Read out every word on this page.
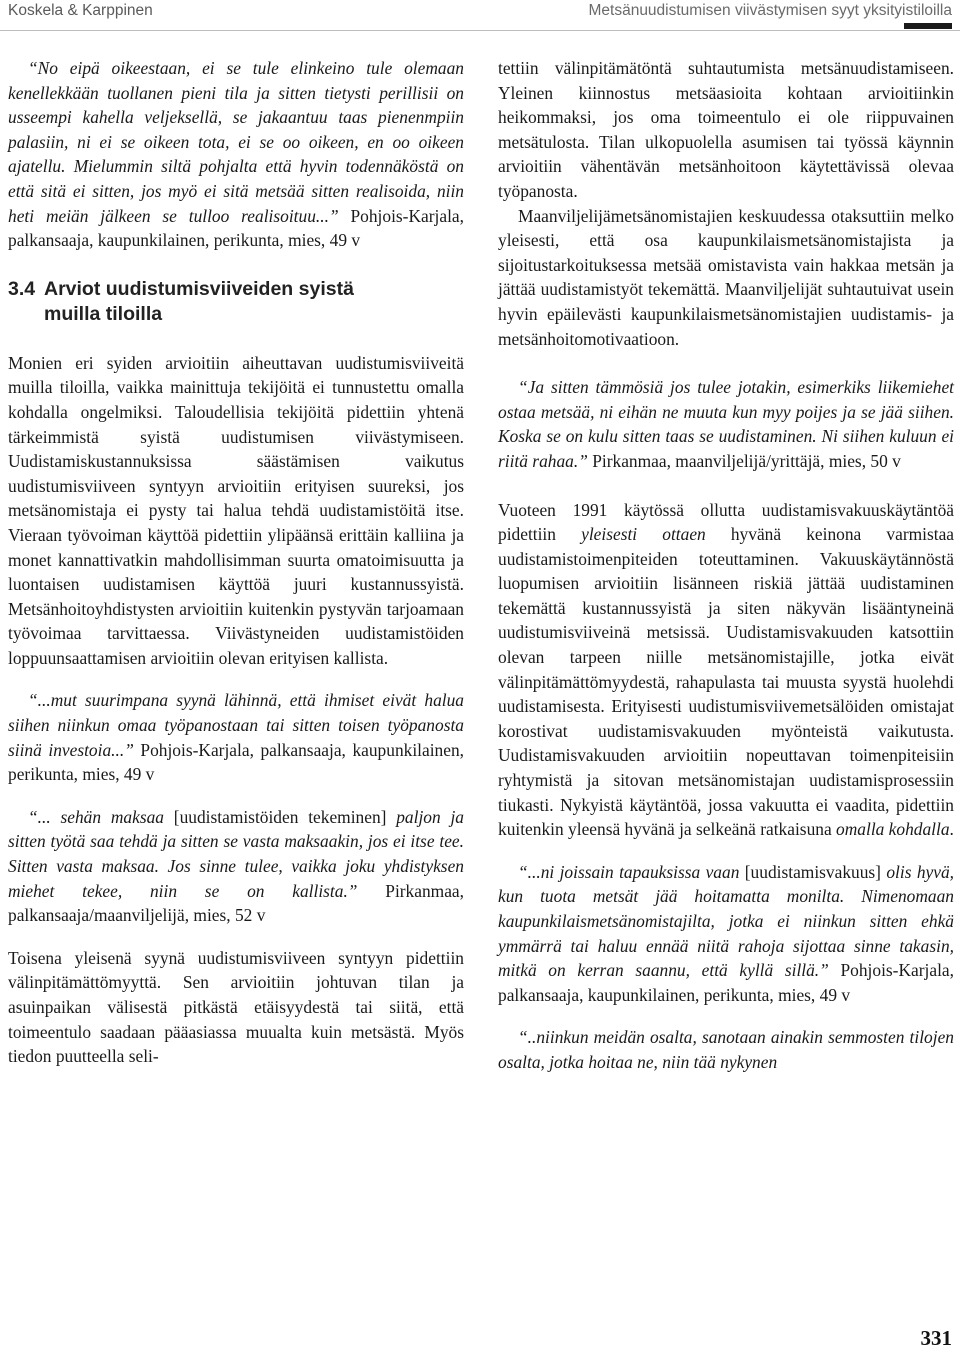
Koskela & Karppinen	Metsänuudistumisen viivästymisen syyt yksityistiloilla

“No eipä oikeestaan, ei se tule elinkeino tule olemaan kenellekkään tuollanen pieni tila ja sitten tietysti perillisii on usseempi kahella veljeksellä, se jakaantuu taas pienenmpiin palasiin, ni ei se oikeen tota, ei se oo oikeen, en oo oikeen ajatellu. Mielummin siltä pohjalta että hyvin todennäköstä on että sitä ei sitten, jos myö ei sitä metsää sitten realisoida, niin heti meiän jälkeen se tulloo realisoituu...” Pohjois-Karjala, palkansaaja, kaupunkilainen, perikunta, mies, 49 v

3.4 Arviot uudistumisviiveiden syistä
muilla tiloilla

Monien eri syiden arvioitiin aiheuttavan uudistumisviiveitä muilla tiloilla, vaikka mainittuja tekijöitä ei tunnustettu omalla kohdalla ongelmiksi. Taloudellisia tekijöitä pidettiin yhtenä tärkeimmistä syistä uudistumisen viivästymiseen. Uudistamiskustannuksissa säästämisen vaikutus uudistumisviiveen syntyyn arvioitiin erityisen suureksi, jos metsänomistaja ei pysty tai halua tehdä uudistamistöitä itse. Vieraan työvoiman käyttöä pidettiin ylipäänsä erittäin kalliina ja monet kannattivatkin mahdollisimman suurta omatoimisuutta ja luontaisen uudistamisen käyttöä juuri kustannussyistä. Metsänhoitoyhdistysten arvioitiin kuitenkin pystyvän tarjoamaan työvoimaa tarvittaessa. Viivästyneiden uudistamistöiden loppuunsaattamisen arvioitiin olevan erityisen kallista.

“...mut suurimpana syynä lähinnä, että ihmiset eivät halua siihen niinkun omaa työpanostaan tai sitten toisen työpanosta siinä investoia...” Pohjois-Karjala, palkansaaja, kaupunkilainen, perikunta, mies, 49 v

“... sehän maksaa [uudistamistöiden tekeminen] paljon ja sitten työtä saa tehdä ja sitten se vasta maksaakin, jos ei itse tee. Sitten vasta maksaa. Jos sinne tulee, vaikka joku yhdistyksen miehet tekee, niin se on kallista.” Pirkanmaa, palkansaaja/maanviljelijä, mies, 52 v

Toisena yleisenä syynä uudistumisviiveen syntyyn pidettiin välinpitämättömyyttä. Sen arvioitiin johtuvan tilan ja asuinpaikan välisestä pitkästä etäisyydestä tai siitä, että toimeentulo saadaan pääasiassa muualta kuin metsästä. Myös tiedon puutteella seli-

tettiin välinpitämätöntä suhtautumista metsänuudistamiseen. Yleinen kiinnostus metsäasioita kohtaan arvioitiinkin heikommaksi, jos oma toimeentulo ei ole riippuvainen metsätulosta. Tilan ulkopuolella asumisen tai työssä käynnin arvioitiin vähentävän metsänhoitoon käytettävissä olevaa työpanosta.

Maanviljelijämetsänomistajien keskuudessa otaksuttiin melko yleisesti, että osa kaupunkilaismetsänomistajista ja sijoitustarkoituksessa metsää omistavista vain hakkaa metsän ja jättää uudistamistyöt tekemättä. Maanviljelijät suhtautuivat usein hyvin epäilevästi kaupunkilaismetsänomistajien uudistamis- ja metsänhoitomotivaatioon.

“Ja sitten tämmösiä jos tulee jotakin, esimerkiks liikemiehet ostaa metsää, ni eihän ne muuta kun myy poijes ja se jää siihen. Koska se on kulu sitten taas se uudistaminen. Ni siihen kuluun ei riitä rahaa.” Pirkanmaa, maanviljelijä/yrittäjä, mies, 50 v

Vuoteen 1991 käytössä ollutta uudistamisvakuuskäytäntöä pidettiin yleisesti ottaen hyvänä keinona varmistaa uudistamistoimenpiteiden toteuttaminen. Vakuuskäytännöstä luopumisen arvioitiin lisänneen riskiä jättää uudistaminen tekemättä kustannussyistä ja siten näkyvän lisääntyneinä uudistumisviiveinä metsissä. Uudistamisvakuuden katsottiin olevan tarpeen niille metsänomistajille, jotka eivät välinpitämättömyydestä, rahapulasta tai muusta syystä huolehdi uudistamisesta. Erityisesti uudistumisviivemetsälöiden omistajat korostivat uudistamisvakuuden myönteistä vaikutusta. Uudistamisvakuuden arvioitiin nopeuttavan toimenpiteisiin ryhtymistä ja sitovan metsänomistajan uudistamisprosessiin tiukasti. Nykyistä käytäntöä, jossa vakuutta ei vaadita, pidettiin kuitenkin yleensä hyvänä ja selkeänä ratkaisuna omalla kohdalla.

“...ni joissain tapauksissa vaan [uudistamisvakuus] olis hyvä, kun tuota metsät jää hoitamatta monilta. Nimenomaan kaupunkilaismetsänomistajilta, jotka ei niinkun sitten ehkä ymmärrä tai haluu ennää niitä rahoja sijottaa sinne takasin, mitkä on kerran saannu, että kyllä sillä.” Pohjois-Karjala, palkansaaja, kaupunkilainen, perikunta, mies, 49 v

“..niinkun meidän osalta, sanotaan ainakin semmosten tilojen osalta, jotka hoitaa ne, niin tää nykynen

331
